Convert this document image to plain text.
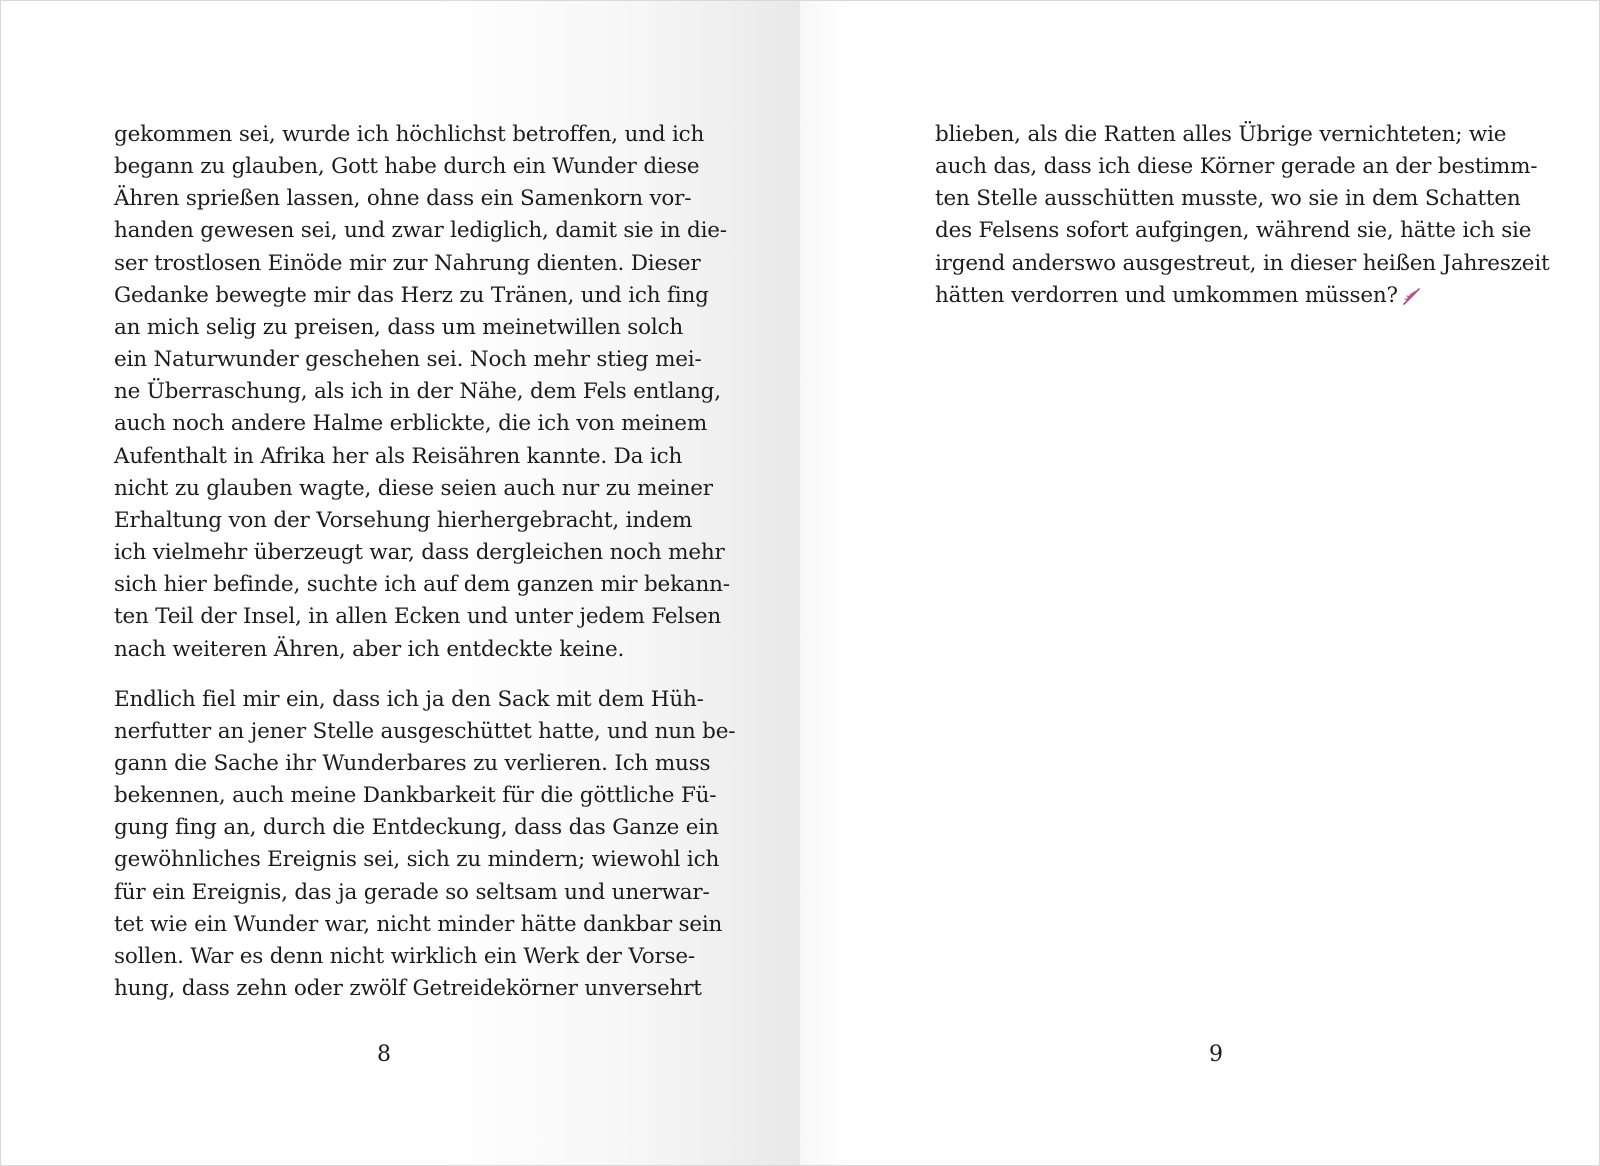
gekommen sei, wurde ich höchlichst betroffen, und ich
begann zu glauben, Gott habe durch ein Wunder diese
Ähren sprießen lassen, ohne dass ein Samenkorn vor-
handen gewesen sei, und zwar lediglich, damit sie in die-
ser trostlosen Einöde mir zur Nahrung dienten. Dieser
Gedanke bewegte mir das Herz zu Tränen, und ich fing
an mich selig zu preisen, dass um meinetwillen solch
ein Naturwunder geschehen sei. Noch mehr stieg mei-
ne Überraschung, als ich in der Nähe, dem Fels entlang,
auch noch andere Halme erblickte, die ich von meinem
Aufenthalt in Afrika her als Reisähren kannte. Da ich
nicht zu glauben wagte, diese seien auch nur zu meiner
Erhaltung von der Vorsehung hierhergebracht, indem
ich vielmehr überzeugt war, dass dergleichen noch mehr
sich hier befinde, suchte ich auf dem ganzen mir bekann-
ten Teil der Insel, in allen Ecken und unter jedem Felsen
nach weiteren Ähren, aber ich entdeckte keine.
Endlich fiel mir ein, dass ich ja den Sack mit dem Hüh-
nerfutter an jener Stelle ausgeschüttet hatte, und nun be-
gann die Sache ihr Wunderbares zu verlieren. Ich muss
bekennen, auch meine Dankbarkeit für die göttliche Fü-
gung fing an, durch die Entdeckung, dass das Ganze ein
gewöhnliches Ereignis sei, sich zu mindern; wiewohl ich
für ein Ereignis, das ja gerade so seltsam und unerwar-
tet wie ein Wunder war, nicht minder hätte dankbar sein
sollen. War es denn nicht wirklich ein Werk der Vorse-
hung, dass zehn oder zwölf Getreidekörner unversehrt
8
blieben, als die Ratten alles Übrige vernichteten; wie
auch das, dass ich diese Körner gerade an der bestimm-
ten Stelle ausschütten musste, wo sie in dem Schatten
des Felsens sofort aufgingen, während sie, hätte ich sie
irgend anderswo ausgestreut, in dieser heißen Jahreszeit
hätten verdorren und umkommen müssen?
9
